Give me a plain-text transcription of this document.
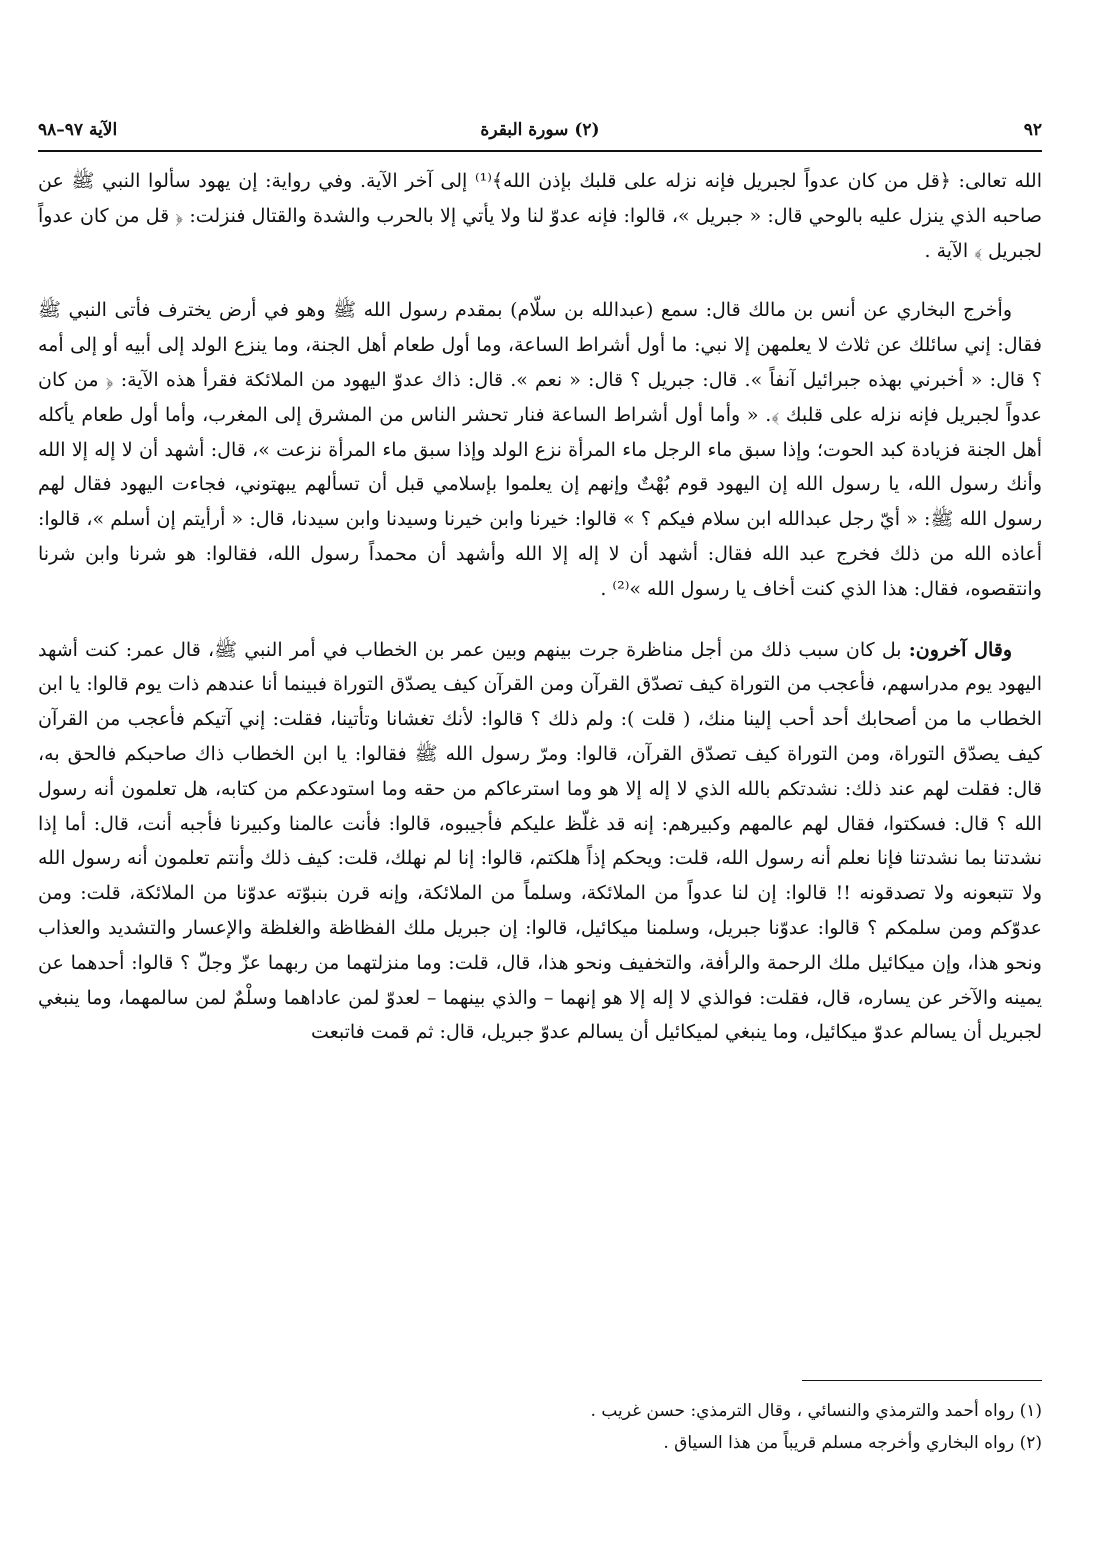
٩٢
(٢) سورة البقرة
الآية ٩٧–٩٨

الله تعالى: ﴿قل من كان عدواً لجبريل فإنه نزله على قلبك بإذن الله﴾⁽¹⁾ إلى آخر الآية. وفي رواية: إن يهود سألوا النبي ﷺ عن صاحبه الذي ينزل عليه بالوحي قال: « جبريل »، قالوا: فإنه عدوّ لنا ولا يأتي إلا بالحرب والشدة والقتال فنزلت: ﴿ قل من كان عدواً لجبريل ﴾ الآية .

وأخرج البخاري عن أنس بن مالك قال: سمع (عبدالله بن سلّام) بمقدم رسول الله ﷺ وهو في أرض يخترف فأتى النبي ﷺ فقال: إني سائلك عن ثلاث لا يعلمهن إلا نبي: ما أول أشراط الساعة، وما أول طعام أهل الجنة، وما ينزع الولد إلى أبيه أو إلى أمه ؟ قال: « أخبرني بهذه جبرائيل آنفاً ». قال: جبريل ؟ قال: « نعم ». قال: ذاك عدوّ اليهود من الملائكة فقرأ هذه الآية: ﴿ من كان عدواً لجبريل فإنه نزله على قلبك ﴾. « وأما أول أشراط الساعة فنار تحشر الناس من المشرق إلى المغرب، وأما أول طعام يأكله أهل الجنة فزيادة كبد الحوت؛ وإذا سبق ماء الرجل ماء المرأة نزع الولد وإذا سبق ماء المرأة نزعت »، قال: أشهد أن لا إله إلا الله وأنك رسول الله، يا رسول الله إن اليهود قوم بُهْتٌ وإنهم إن يعلموا بإسلامي قبل أن تسألهم يبهتوني، فجاءت اليهود فقال لهم رسول الله ﷺ: « أيّ رجل عبدالله ابن سلام فيكم ؟ » قالوا: خيرنا وابن خيرنا وسيدنا وابن سيدنا، قال: « أرأيتم إن أسلم »، قالوا: أعاذه الله من ذلك فخرج عبد الله فقال: أشهد أن لا إله إلا الله وأشهد أن محمداً رسول الله، فقالوا: هو شرنا وابن شرنا وانتقصوه، فقال: هذا الذي كنت أخاف يا رسول الله »⁽²⁾ .

وقال آخرون: بل كان سبب ذلك من أجل مناظرة جرت بينهم وبين عمر بن الخطاب في أمر النبي ﷺ، قال عمر: كنت أشهد اليهود يوم مدراسهم، فأعجب من التوراة كيف تصدّق القرآن ومن القرآن كيف يصدّق التوراة فبينما أنا عندهم ذات يوم قالوا: يا ابن الخطاب ما من أصحابك أحد أحب إلينا منك، ( قلت ): ولم ذلك ؟ قالوا: لأنك تغشانا وتأتينا، فقلت: إني آتيكم فأعجب من القرآن كيف يصدّق التوراة، ومن التوراة كيف تصدّق القرآن، قالوا: ومرّ رسول الله ﷺ فقالوا: يا ابن الخطاب ذاك صاحبكم فالحق به، قال: فقلت لهم عند ذلك: نشدتكم بالله الذي لا إله إلا هو وما استرعاكم من حقه وما استودعكم من كتابه، هل تعلمون أنه رسول الله ؟ قال: فسكتوا، فقال لهم عالمهم وكبيرهم: إنه قد غلّظ عليكم فأجيبوه، قالوا: فأنت عالمنا وكبيرنا فأجبه أنت، قال: أما إذا نشدتنا بما نشدتنا فإنا نعلم أنه رسول الله، قلت: ويحكم إذاً هلكتم، قالوا: إنا لم نهلك، قلت: كيف ذلك وأنتم تعلمون أنه رسول الله ولا تتبعونه ولا تصدقونه !! قالوا: إن لنا عدواً من الملائكة، وسلماً من الملائكة، وإنه قرن بنبوّته عدوّنا من الملائكة، قلت: ومن عدوّكم ومن سلمكم ؟ قالوا: عدوّنا جبريل، وسلمنا ميكائيل، قالوا: إن جبريل ملك الفظاظة والغلظة والإعسار والتشديد والعذاب ونحو هذا، وإن ميكائيل ملك الرحمة والرأفة، والتخفيف ونحو هذا، قال، قلت: وما منزلتهما من ربهما عزّ وجلّ ؟ قالوا: أحدهما عن يمينه والآخر عن يساره، قال، فقلت: فوالذي لا إله إلا هو إنهما – والذي بينهما – لعدوّ لمن عاداهما وسلْمٌ لمن سالمهما، وما ينبغي لجبريل أن يسالم عدوّ ميكائيل، وما ينبغي لميكائيل أن يسالم عدوّ جبريل، قال: ثم قمت فاتبعت

(١) رواه أحمد والترمذي والنسائي ، وقال الترمذي: حسن غريب .

(٢) رواه البخاري وأخرجه مسلم قريباً من هذا السياق .
